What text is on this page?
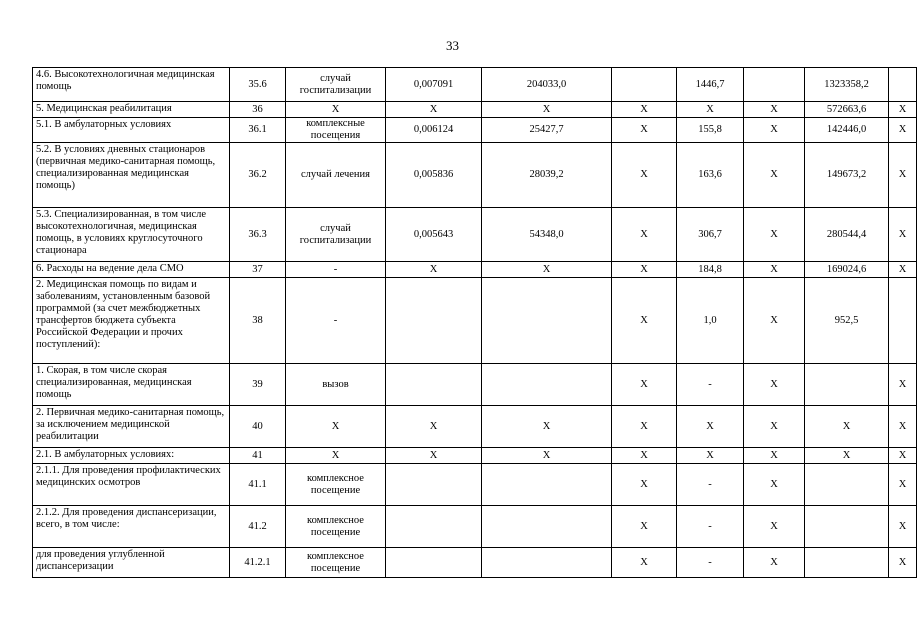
33
4.6. Высокотехнологичная медицинская помощь	35.6	случай госпитализации	0,007091	204033,0		1446,7		1323358,2	
5. Медицинская реабилитация	36	Х	Х	Х	Х	Х	Х	572663,6	Х
5.1. В амбулаторных условиях	36.1	комплексные посещения	0,006124	25427,7	Х	155,8	Х	142446,0	Х
5.2. В условиях дневных стационаров (первичная медико-санитарная помощь, специализированная медицинская помощь)	36.2	случай лечения	0,005836	28039,2	Х	163,6	Х	149673,2	Х
5.3. Специализированная, в том числе высокотехнологичная, медицинская помощь, в условиях круглосуточного стационара	36.3	случай госпитализации	0,005643	54348,0	Х	306,7	Х	280544,4	Х
6. Расходы на ведение дела СМО	37	-	Х	Х	Х	184,8	Х	169024,6	Х
2. Медицинская помощь по видам и заболеваниям, установленным базовой программой (за счет межбюджетных трансфертов бюджета субъекта Российской Федерации и прочих поступлений):	38	-			Х	1,0	Х	952,5	
1. Скорая, в том числе скорая специализированная, медицинская помощь	39	вызов			Х	-	Х		Х
2. Первичная медико-санитарная помощь, за исключением медицинской реабилитации	40	Х	Х	Х	Х	Х	Х	Х	Х
2.1. В амбулаторных условиях:	41	Х	Х	Х	Х	Х	Х	Х	Х
2.1.1. Для проведения профилактических медицинских осмотров	41.1	комплексное посещение			Х	-	Х		Х
2.1.2. Для проведения диспансеризации, всего, в том числе:	41.2	комплексное посещение			Х	-	Х		Х
для проведения углубленной диспансеризации	41.2.1	комплексное посещение			Х	-	Х		Х
